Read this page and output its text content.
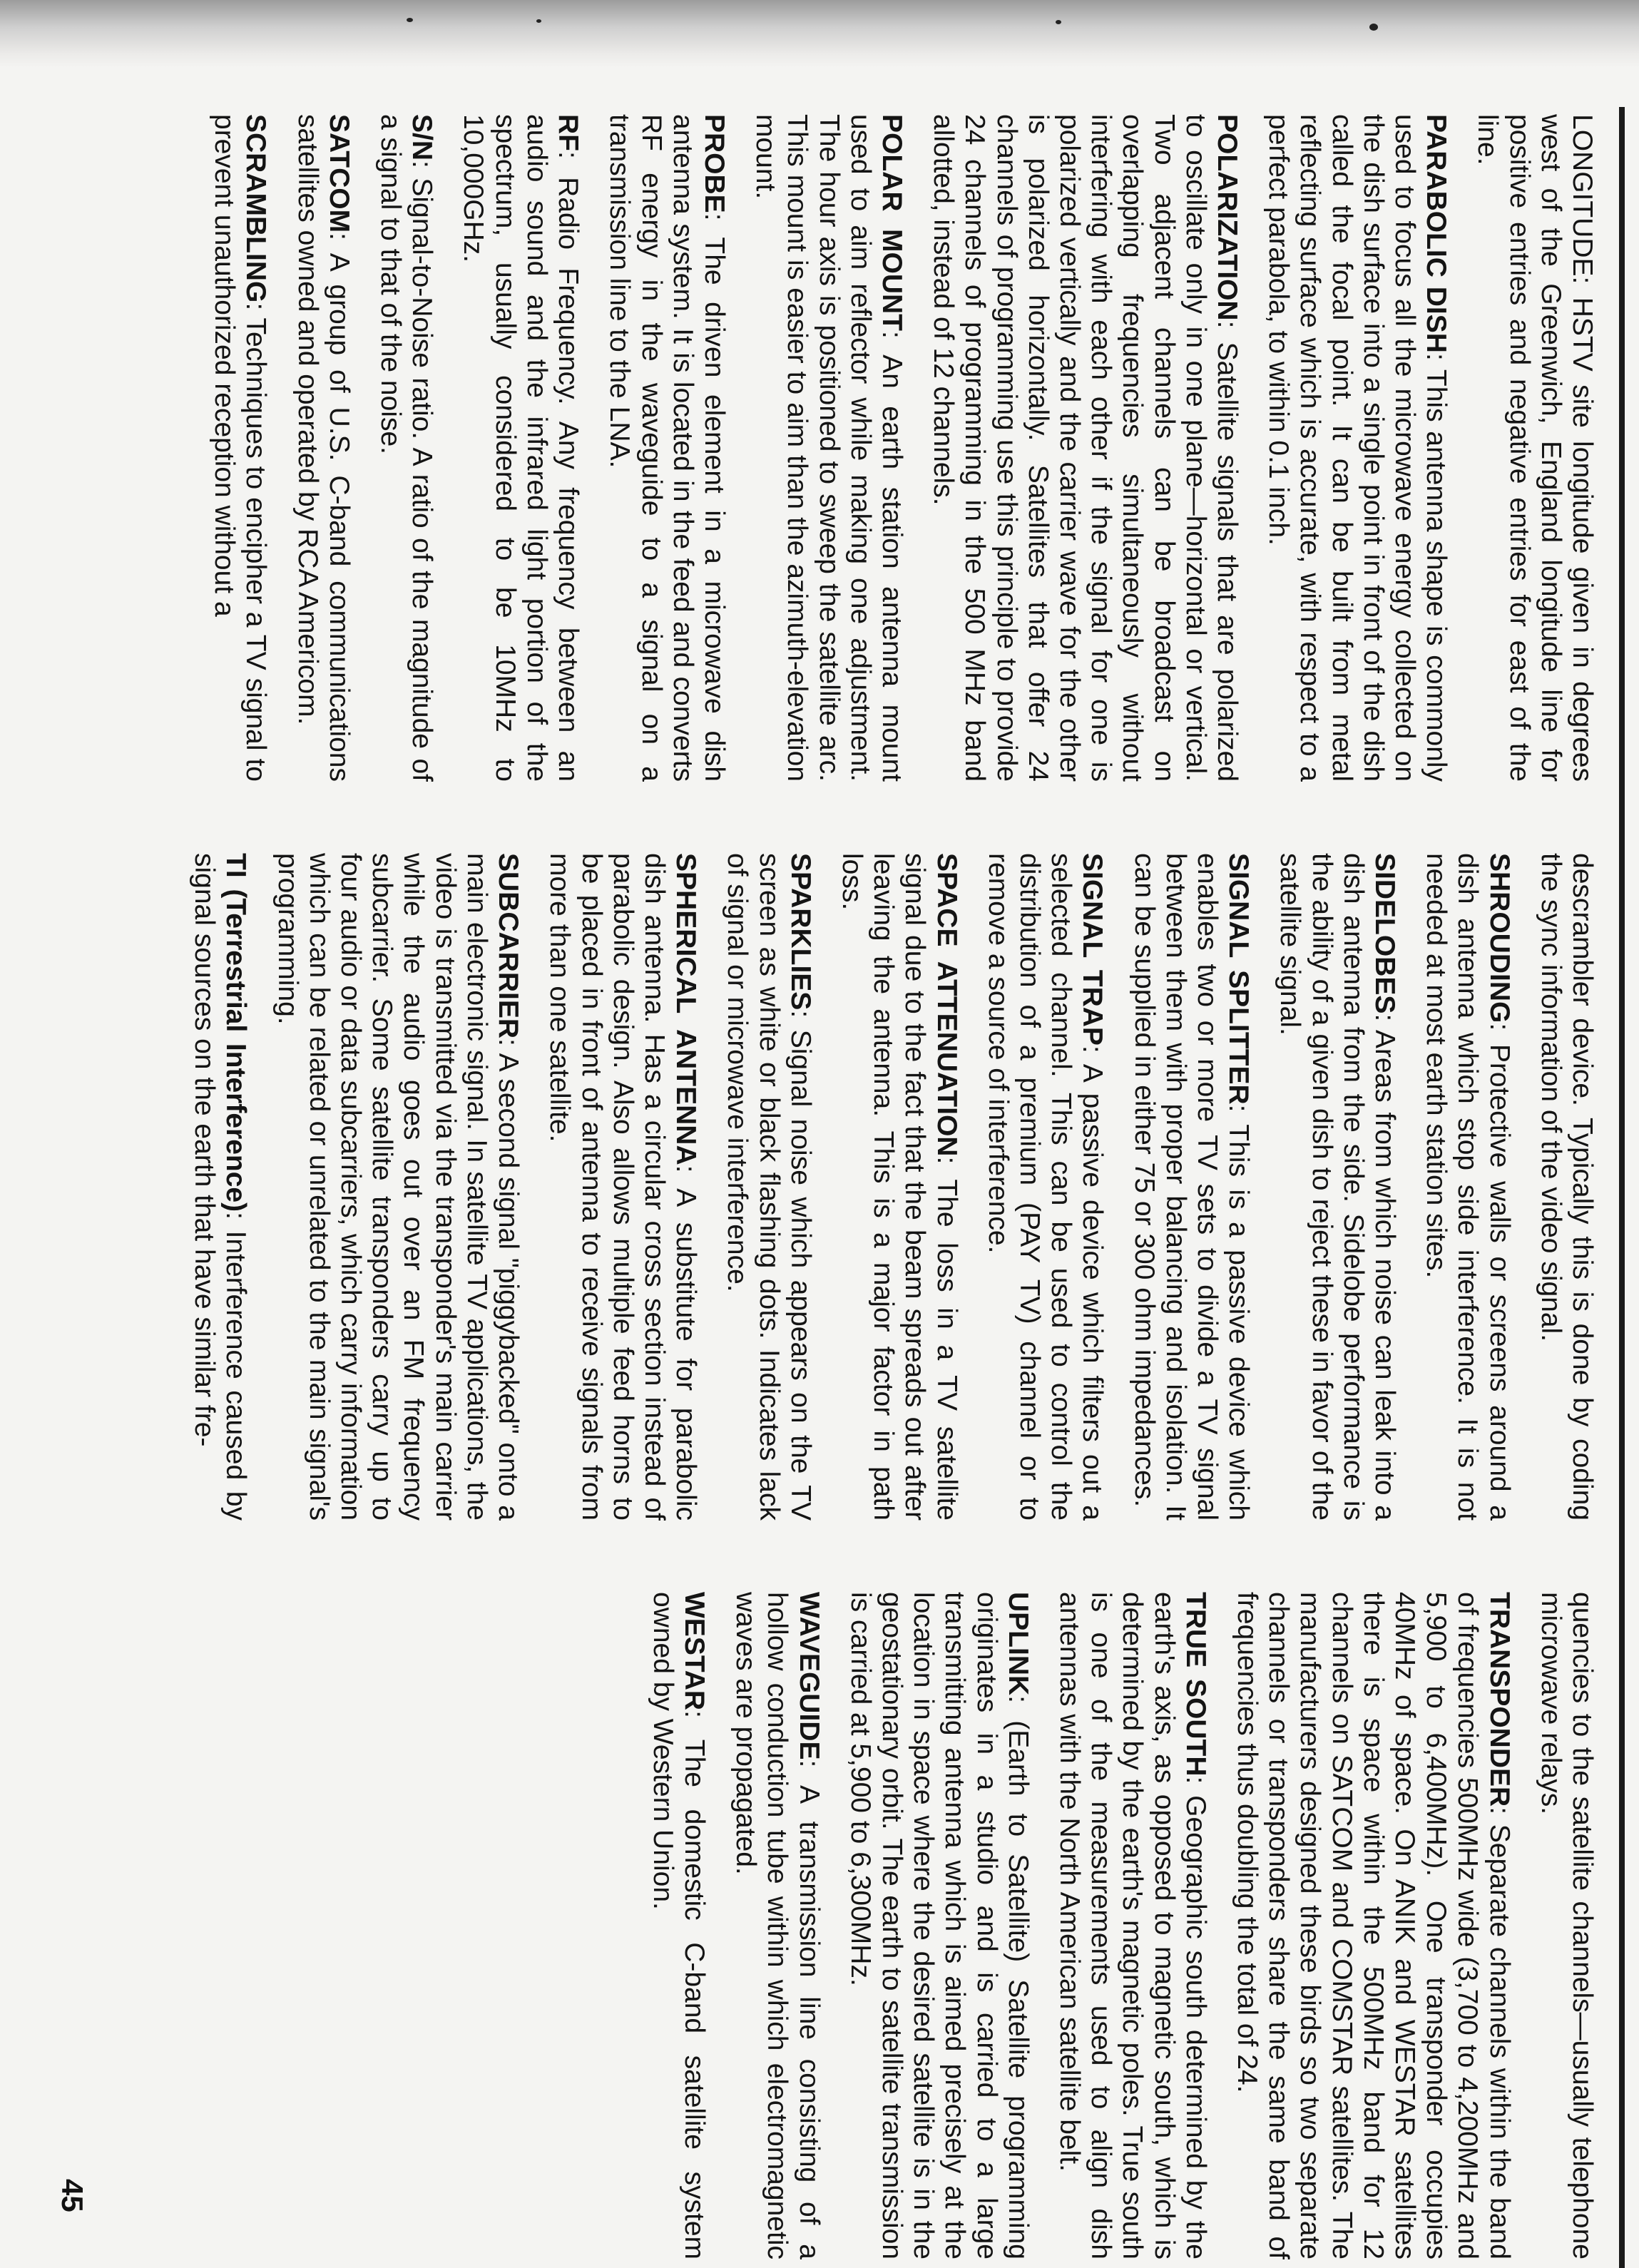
LONGITUDE: HSTV site longitude given in degrees west of the Greenwich, England longitude line for positive entries and negative entries for east of the line.

PARABOLIC DISH: This antenna shape is commonly used to focus all the microwave energy collected on the dish surface into a single point in front of the dish called the focal point. It can be built from metal reflecting surface which is accurate, with respect to a perfect parabola, to within 0.1 inch.

POLARIZATION: Satellite signals that are polarized to oscillate only in one plane—horizontal or vertical. Two adjacent channels can be broadcast on overlapping frequencies simultaneously without interfering with each other if the signal for one is polarized vertically and the carrier wave for the other is polarized horizontally. Satellites that offer 24 channels of programming use this principle to provide 24 channels of programming in the 500 MHz band allotted, instead of 12 channels.

POLAR MOUNT: An earth station antenna mount used to aim reflector while making one adjustment. The hour axis is positioned to sweep the satellite arc. This mount is easier to aim than the azimuth-elevation mount.

PROBE: The driven element in a microwave dish antenna system. It is located in the feed and converts RF energy in the waveguide to a signal on a transmission line to the LNA.

RF: Radio Frequency. Any frequency between an audio sound and the infrared light portion of the spectrum, usually considered to be 10MHz to 10,000GHz.

S/N: Signal-to-Noise ratio. A ratio of the magnitude of a signal to that of the noise.

SATCOM: A group of U.S. C-band communications satellites owned and operated by RCA Americom.

SCRAMBLING: Techniques to encipher a TV signal to prevent unauthorized reception without a

descrambler device. Typically this is done by coding the sync information of the video signal.

SHROUDING: Protective walls or screens around a dish antenna which stop side interference. It is not needed at most earth station sites.

SIDELOBES: Areas from which noise can leak into a dish antenna from the side. Sidelobe performance is the ability of a given dish to reject these in favor of the satellite signal.

SIGNAL SPLITTER: This is a passive device which enables two or more TV sets to divide a TV signal between them with proper balancing and isolation. It can be supplied in either 75 or 300 ohm impedances.

SIGNAL TRAP: A passive device which filters out a selected channel. This can be used to control the distribution of a premium (PAY TV) channel or to remove a source of interference.

SPACE ATTENUATION: The loss in a TV satellite signal due to the fact that the beam spreads out after leaving the antenna. This is a major factor in path loss.

SPARKLIES: Signal noise which appears on the TV screen as white or black flashing dots. Indicates lack of signal or microwave interference.

SPHERICAL ANTENNA: A substitute for parabolic dish antenna. Has a circular cross section instead of parabolic design. Also allows multiple feed horns to be placed in front of antenna to receive signals from more than one satellite.

SUBCARRIER: A second signal "piggybacked" onto a main electronic signal. In satellite TV applications, the video is transmitted via the transponder's main carrier while the audio goes out over an FM frequency subcarrier. Some satellite transponders carry up to four audio or data subcarriers, which carry information which can be related or unrelated to the main signal's programming.

TI (Terrestrial Interference): Interference caused by signal sources on the earth that have similar fre-

quencies to the satellite channels—usually telephone microwave relays.

TRANSPONDER: Separate channels within the band of frequencies 500MHz wide (3,700 to 4,200MHz and 5,900 to 6,400MHz). One transponder occupies 40MHz of space. On ANIK and WESTAR satellites there is space within the 500MHz band for 12 channels on SATCOM and COMSTAR satellites. The manufacturers designed these birds so two separate channels or transponders share the same band of frequencies thus doubling the total of 24.

TRUE SOUTH: Geographic south determined by the earth's axis, as opposed to magnetic south, which is determined by the earth's magnetic poles. True south is one of the measurements used to align dish antennas with the North American satellite belt.

UPLINK: (Earth to Satellite) Satellite programming originates in a studio and is carried to a large transmitting antenna which is aimed precisely at the location in space where the desired satellite is in the geostationary orbit. The earth to satellite transmission is carried at 5,900 to 6,300MHz.

WAVEGUIDE: A transmission line consisting of a hollow conduction tube within which electromagnetic waves are propagated.

WESTAR: The domestic C-band satellite system owned by Western Union.

45
